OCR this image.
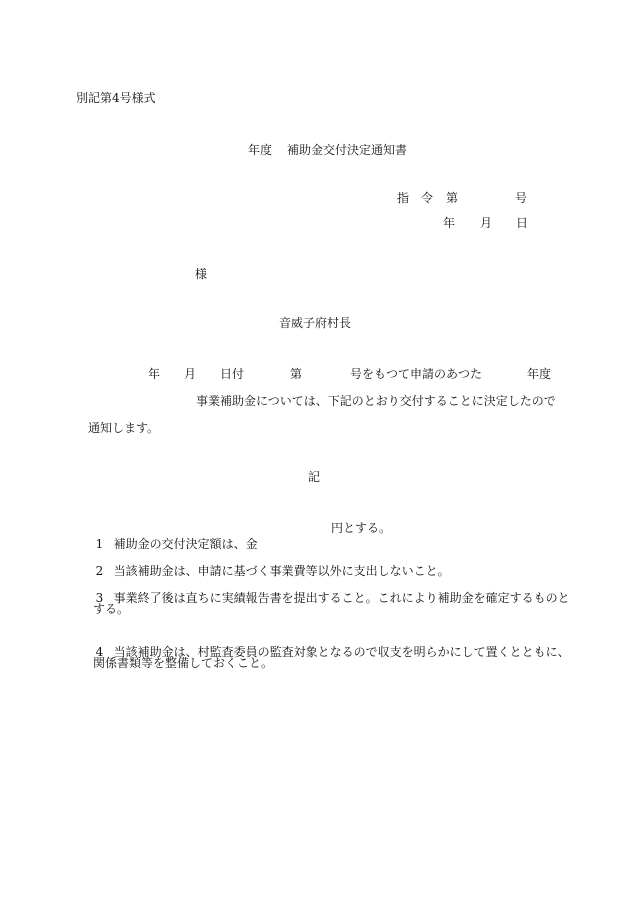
別記第4号様式
年度 補助金交付決定通知書
指　令 第	号
年 月 日
様
音威子府村長
年 月 日付	第	号をもつて申請のあつた	年度
事業補助金については、下記のとおり交付することに決定したので
通知します。
記

1 補助金の交付決定額は、金

円とする。

2 当該補助金は、申請に基づく事業費等以外に支出しないこと。

3 事業終了後は直ちに実績報告書を提出すること。これにより補助金を確定するものと

する。

4 当該補助金は、村監査委員の監査対象となるので収支を明らかにして置くとともに、

関係書類等を整備しておくこと。
